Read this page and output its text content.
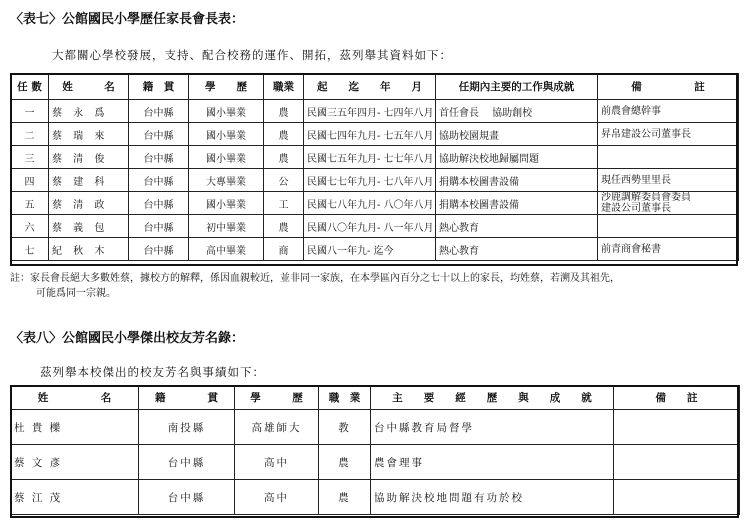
〈表七〉公館國民小學歷任家長會長表：
大都關心學校發展，支持、配合校務的運作、開拓，茲列舉其資料如下：
任 數	姓　　　名	籍　貫	學　　歷	職業	起　　迄　　年　　月	任期內主要的工作與成就	備　　　　　註
一	蔡 永 爲	台中縣	國小畢業	農	民國三五年四月- 七四年八月	首任會長　 協助創校	前農會總幹事
二	蔡 瑞 來	台中縣	國小畢業	農	民國七四年九月- 七五年八月	協助校園規畫	昇帛建設公司董事長
三	蔡 清 俊	台中縣	國小畢業	農	民國七五年九月- 七七年八月	協助解決校地歸屬問題	
四	蔡 建 科	台中縣	大專畢業	公	民國七七年九月- 七八年八月	捐購本校圖書設備	現任西勢里里長
五	蔡 清 政	台中縣	國小畢業	工	民國七八年九月- 八〇年八月	捐購本校圖書設備	沙鹿調解委員會委員
建設公司董事長
六	蔡 義 包	台中縣	初中畢業	農	民國八〇年九月- 八一年八月	熱心教育	
七	紀 秋 木	台中縣	高中畢業	商	民國八一年九- 迄今	熱心教育	前青商會秘書
註：家長會長絕大多數姓蔡，據校方的解釋，係因血親較近，並非同一家族，在本學區內百分之七十以上的家長，均姓蔡，若溯及其祖先，
可能爲同一宗親。
〈表八〉公館國民小學傑出校友芳名錄：
茲列舉本校傑出的校友芳名與事績如下：
姓　　　　　名	籍　　　　貫	學　　　歷	職　業	主　　要　　經　　歷　　與　　成　　就	備　　註
杜 貴 櫟	南投縣	高雄師大	教	台中縣教育局督學	
蔡 文 彥	台中縣	高中	農	農會理事	
蔡 江 茂	台中縣	高中	農	協助解決校地問題有功於校	
